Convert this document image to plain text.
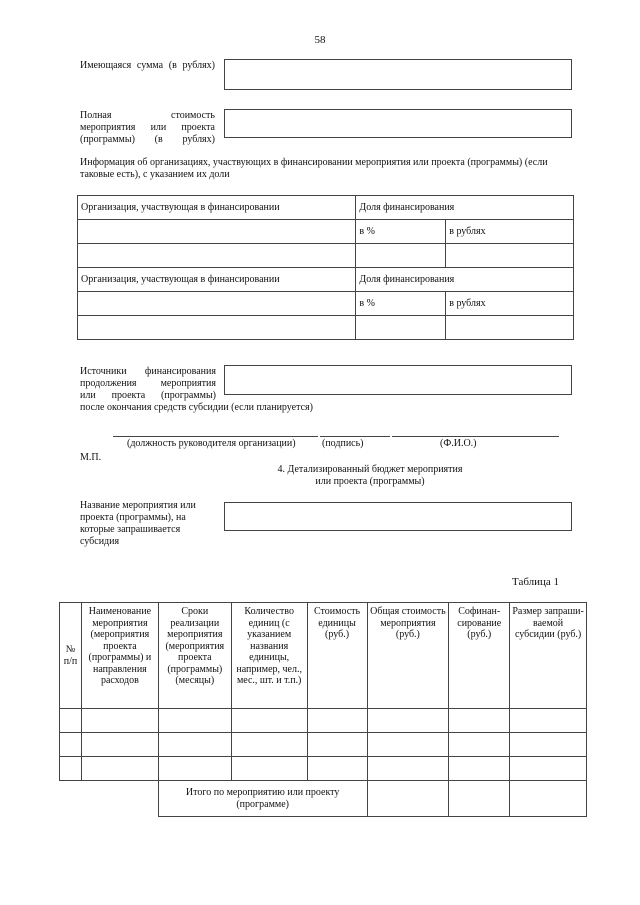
58
Имеющаяся сумма (в рублях)
Полная стоимость мероприятия или проекта (программы) (в рублях)
Информация об организациях, участвующих в финансировании мероприятия или проекта (программы) (если таковые есть), с указанием их доли
Организация, участвующая в финансировании	Доля финансирования	
	в %	в рублях

Организация, участвующая в финансировании	Доля финансирования	
	в %	в рублях

Источники финансирования
продолжения мероприятия
или проекта (программы)
после окончания средств субсидии (если планируется)
(должность руководителя организации)	(подпись)	(Ф.И.О.)
М.П.
4. Детализированный бюджет мероприятия
или проекта (программы)
Название мероприятия или проекта (программы), на которые запрашивается субсидия
Таблица 1
№ п/п	Наименование мероприятия (мероприятия проекта (программы) и направления расходов	Сроки реализации мероприятия (мероприятия проекта (программы) (месяцы)	Количество единиц (с указанием названия единицы, например, чел., мес., шт. и т.п.)	Стоимость единицы (руб.)	Общая стоимость мероприятия (руб.)	Софинан-сирование (руб.)	Размер запраши-ваемой субсидии (руб.)

		Итого по мероприятию или проекту (программе)					
